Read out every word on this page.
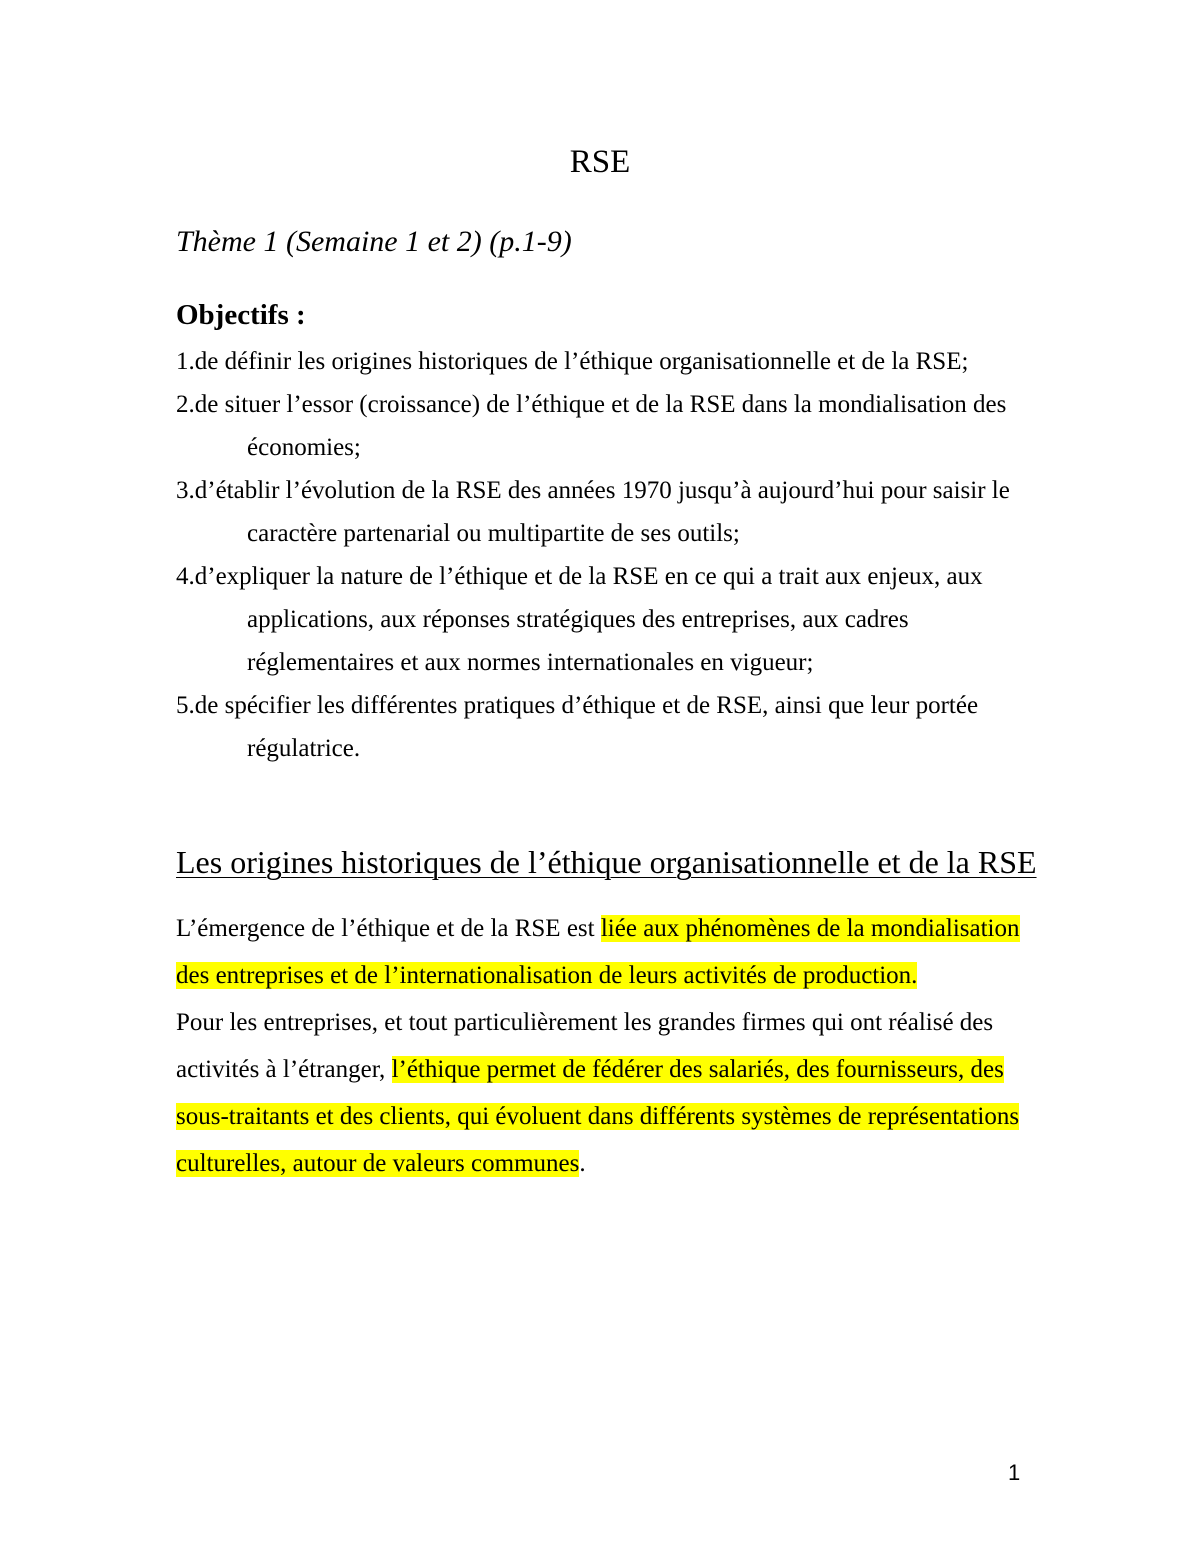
RSE
Thème 1 (Semaine 1 et 2) (p.1-9)
Objectifs :
1.de définir les origines historiques de l’éthique organisationnelle et de la RSE;
2.de situer l’essor (croissance) de l’éthique et de la RSE dans la mondialisation des économies;
3.d’établir l’évolution de la RSE des années 1970 jusqu’à aujourd’hui pour saisir le caractère partenarial ou multipartite de ses outils;
4.d’expliquer la nature de l’éthique et de la RSE en ce qui a trait aux enjeux, aux applications, aux réponses stratégiques des entreprises, aux cadres réglementaires et aux normes internationales en vigueur;
5.de spécifier les différentes pratiques d’éthique et de RSE, ainsi que leur portée régulatrice.
Les origines historiques de l’éthique organisationnelle et de la RSE

L’émergence de l’éthique et de la RSE est liée aux phénomènes de la mondialisation des entreprises et de l’internationalisation de leurs activités de production.

Pour les entreprises, et tout particulièrement les grandes firmes qui ont réalisé des activités à l’étranger, l’éthique permet de fédérer des salariés, des fournisseurs, des sous-traitants et des clients, qui évoluent dans différents systèmes de représentations culturelles, autour de valeurs communes.

1
